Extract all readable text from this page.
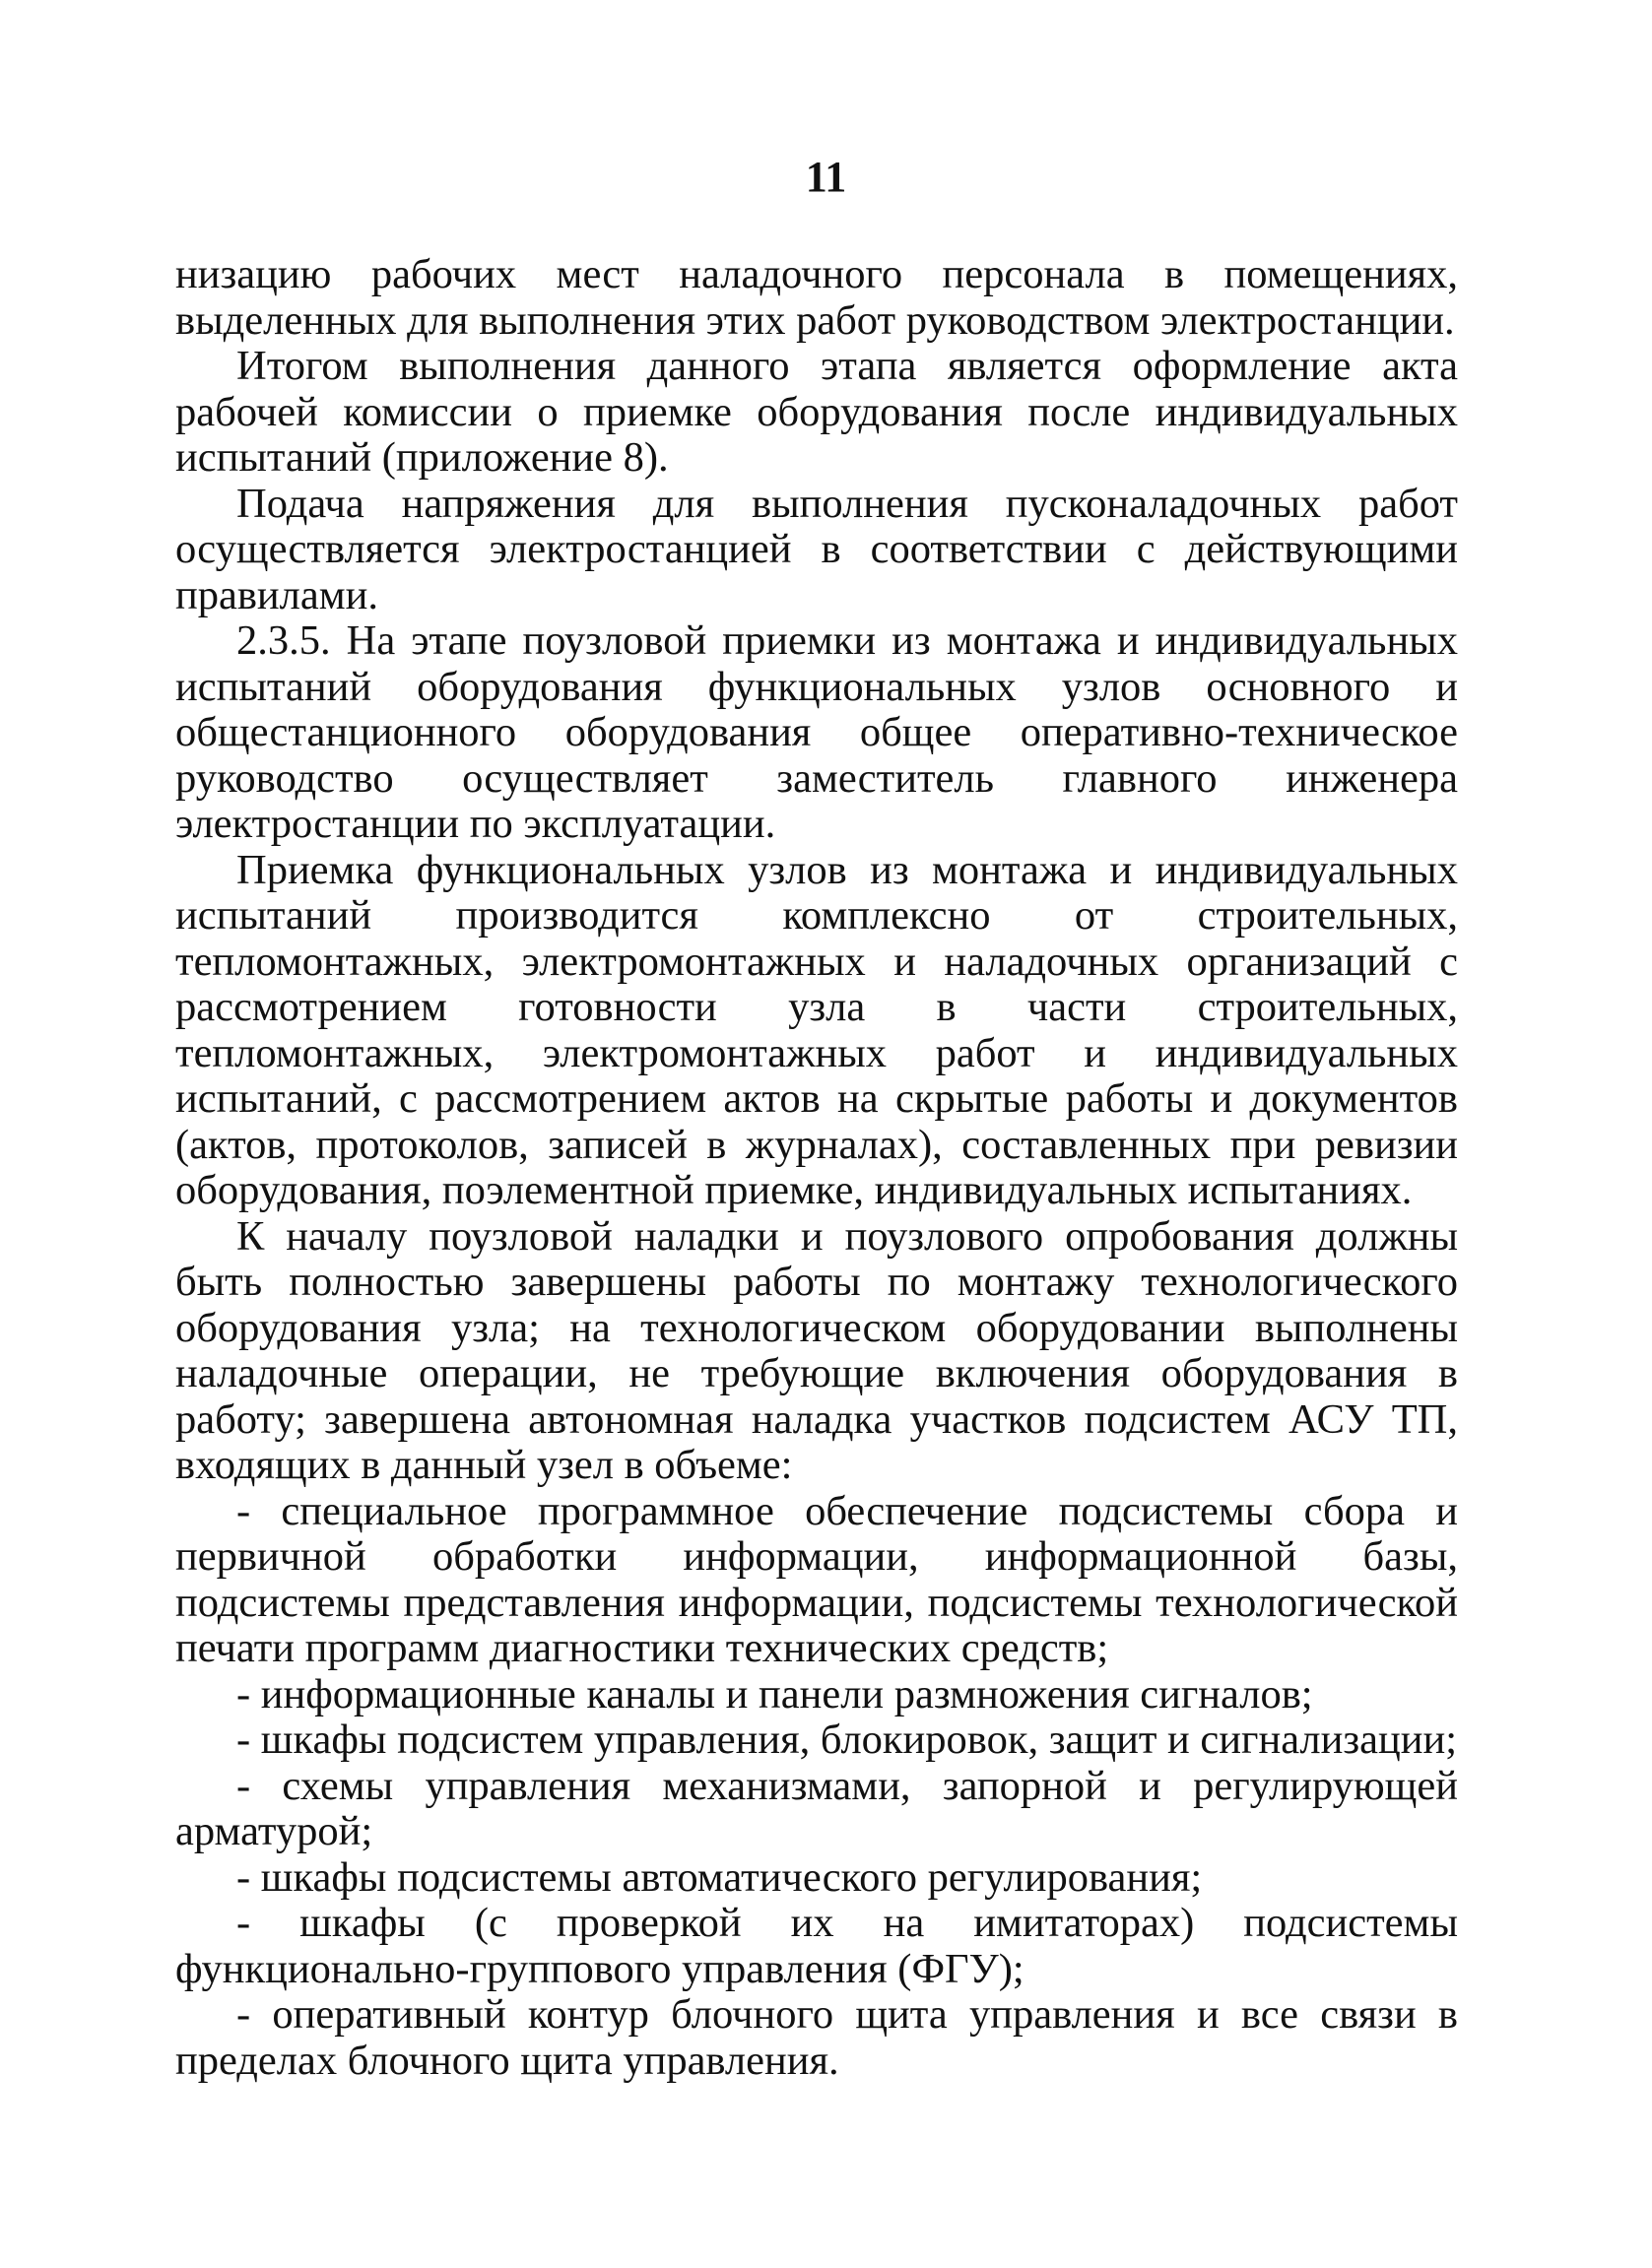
11

низацию рабочих мест наладочного персонала в помещениях, выделенных для выполнения этих работ руководством электростанции.

Итогом выполнения данного этапа является оформление акта рабочей комиссии о приемке оборудования после индивидуальных испытаний (приложение 8).

Подача напряжения для выполнения пусконаладочных работ осуществляется электростанцией в соответствии с действующими правилами.

2.3.5. На этапе поузловой приемки из монтажа и индивидуальных испытаний оборудования функциональных узлов основного и общестанционного оборудования общее оперативно-техническое руководство осуществляет заместитель главного инженера электростанции по эксплуатации.

Приемка функциональных узлов из монтажа и индивидуальных испытаний производится комплексно от строительных, тепломонтажных, электромонтажных и наладочных организаций с рассмотрением готовности узла в части строительных, тепломонтажных, электромонтажных работ и индивидуальных испытаний, с рассмотрением актов на скрытые работы и документов (актов, протоколов, записей в журналах), составленных при ревизии оборудования, поэлементной приемке, индивидуальных испытаниях.

К началу поузловой наладки и поузлового опробования должны быть полностью завершены работы по монтажу технологического оборудования узла; на технологическом оборудовании выполнены наладочные операции, не требующие включения оборудования в работу; завершена автономная наладка участков подсистем АСУ ТП, входящих в данный узел в объеме:

- специальное программное обеспечение подсистемы сбора и первичной обработки информации, информационной базы, подсистемы представления информации, подсистемы технологической печати программ диагностики технических средств;

- информационные каналы и панели размножения сигналов;

- шкафы подсистем управления, блокировок, защит и сигнализации;

- схемы управления механизмами, запорной и регулирующей арматурой;

- шкафы подсистемы автоматического регулирования;

- шкафы (с проверкой их на имитаторах) подсистемы функционально-группового управления (ФГУ);

- оперативный контур блочного щита управления и все связи в пределах блочного щита управления.
